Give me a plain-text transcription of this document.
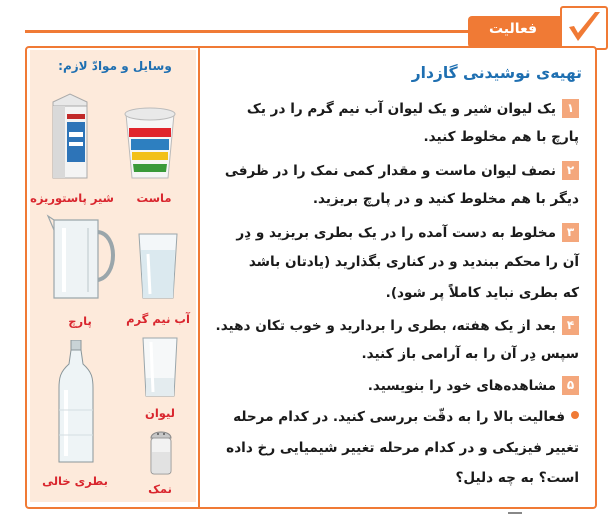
فعالیت
وسایل و موادّ لازم:
ماست
شیر پاستوریزه
پارچ	آب نیم گرم
لیوان
بطری خالی
نمک
تهیه‌ی نوشیدنی گازدار
۱یک لیوان شیر و یک لیوان آب نیم گرم را در یک
پارچ با هم مخلوط کنید.
۲نصف لیوان ماست و مقدار کمی نمک را در ظرفی
دیگر با هم مخلوط کنید و در پارچ بریزید.
۳مخلوط به دست آمده را در یک بطری بریزید و دِر
آن را محکم ببندید و در کناری بگذارید (یادتان باشد
که بطری نباید کاملاً پر شود).
۴بعد از یک هفته، بطری را بردارید و خوب تکان دهید.
سپس دِر آن را به آرامی باز کنید.
۵مشاهده‌های خود را بنویسید.
فعالیت بالا را به دقّت بررسی کنید. در کدام مرحله
تغییر فیزیکی و در کدام مرحله تغییر شیمیایی رخ داده
است؟ به چه دلیل؟
